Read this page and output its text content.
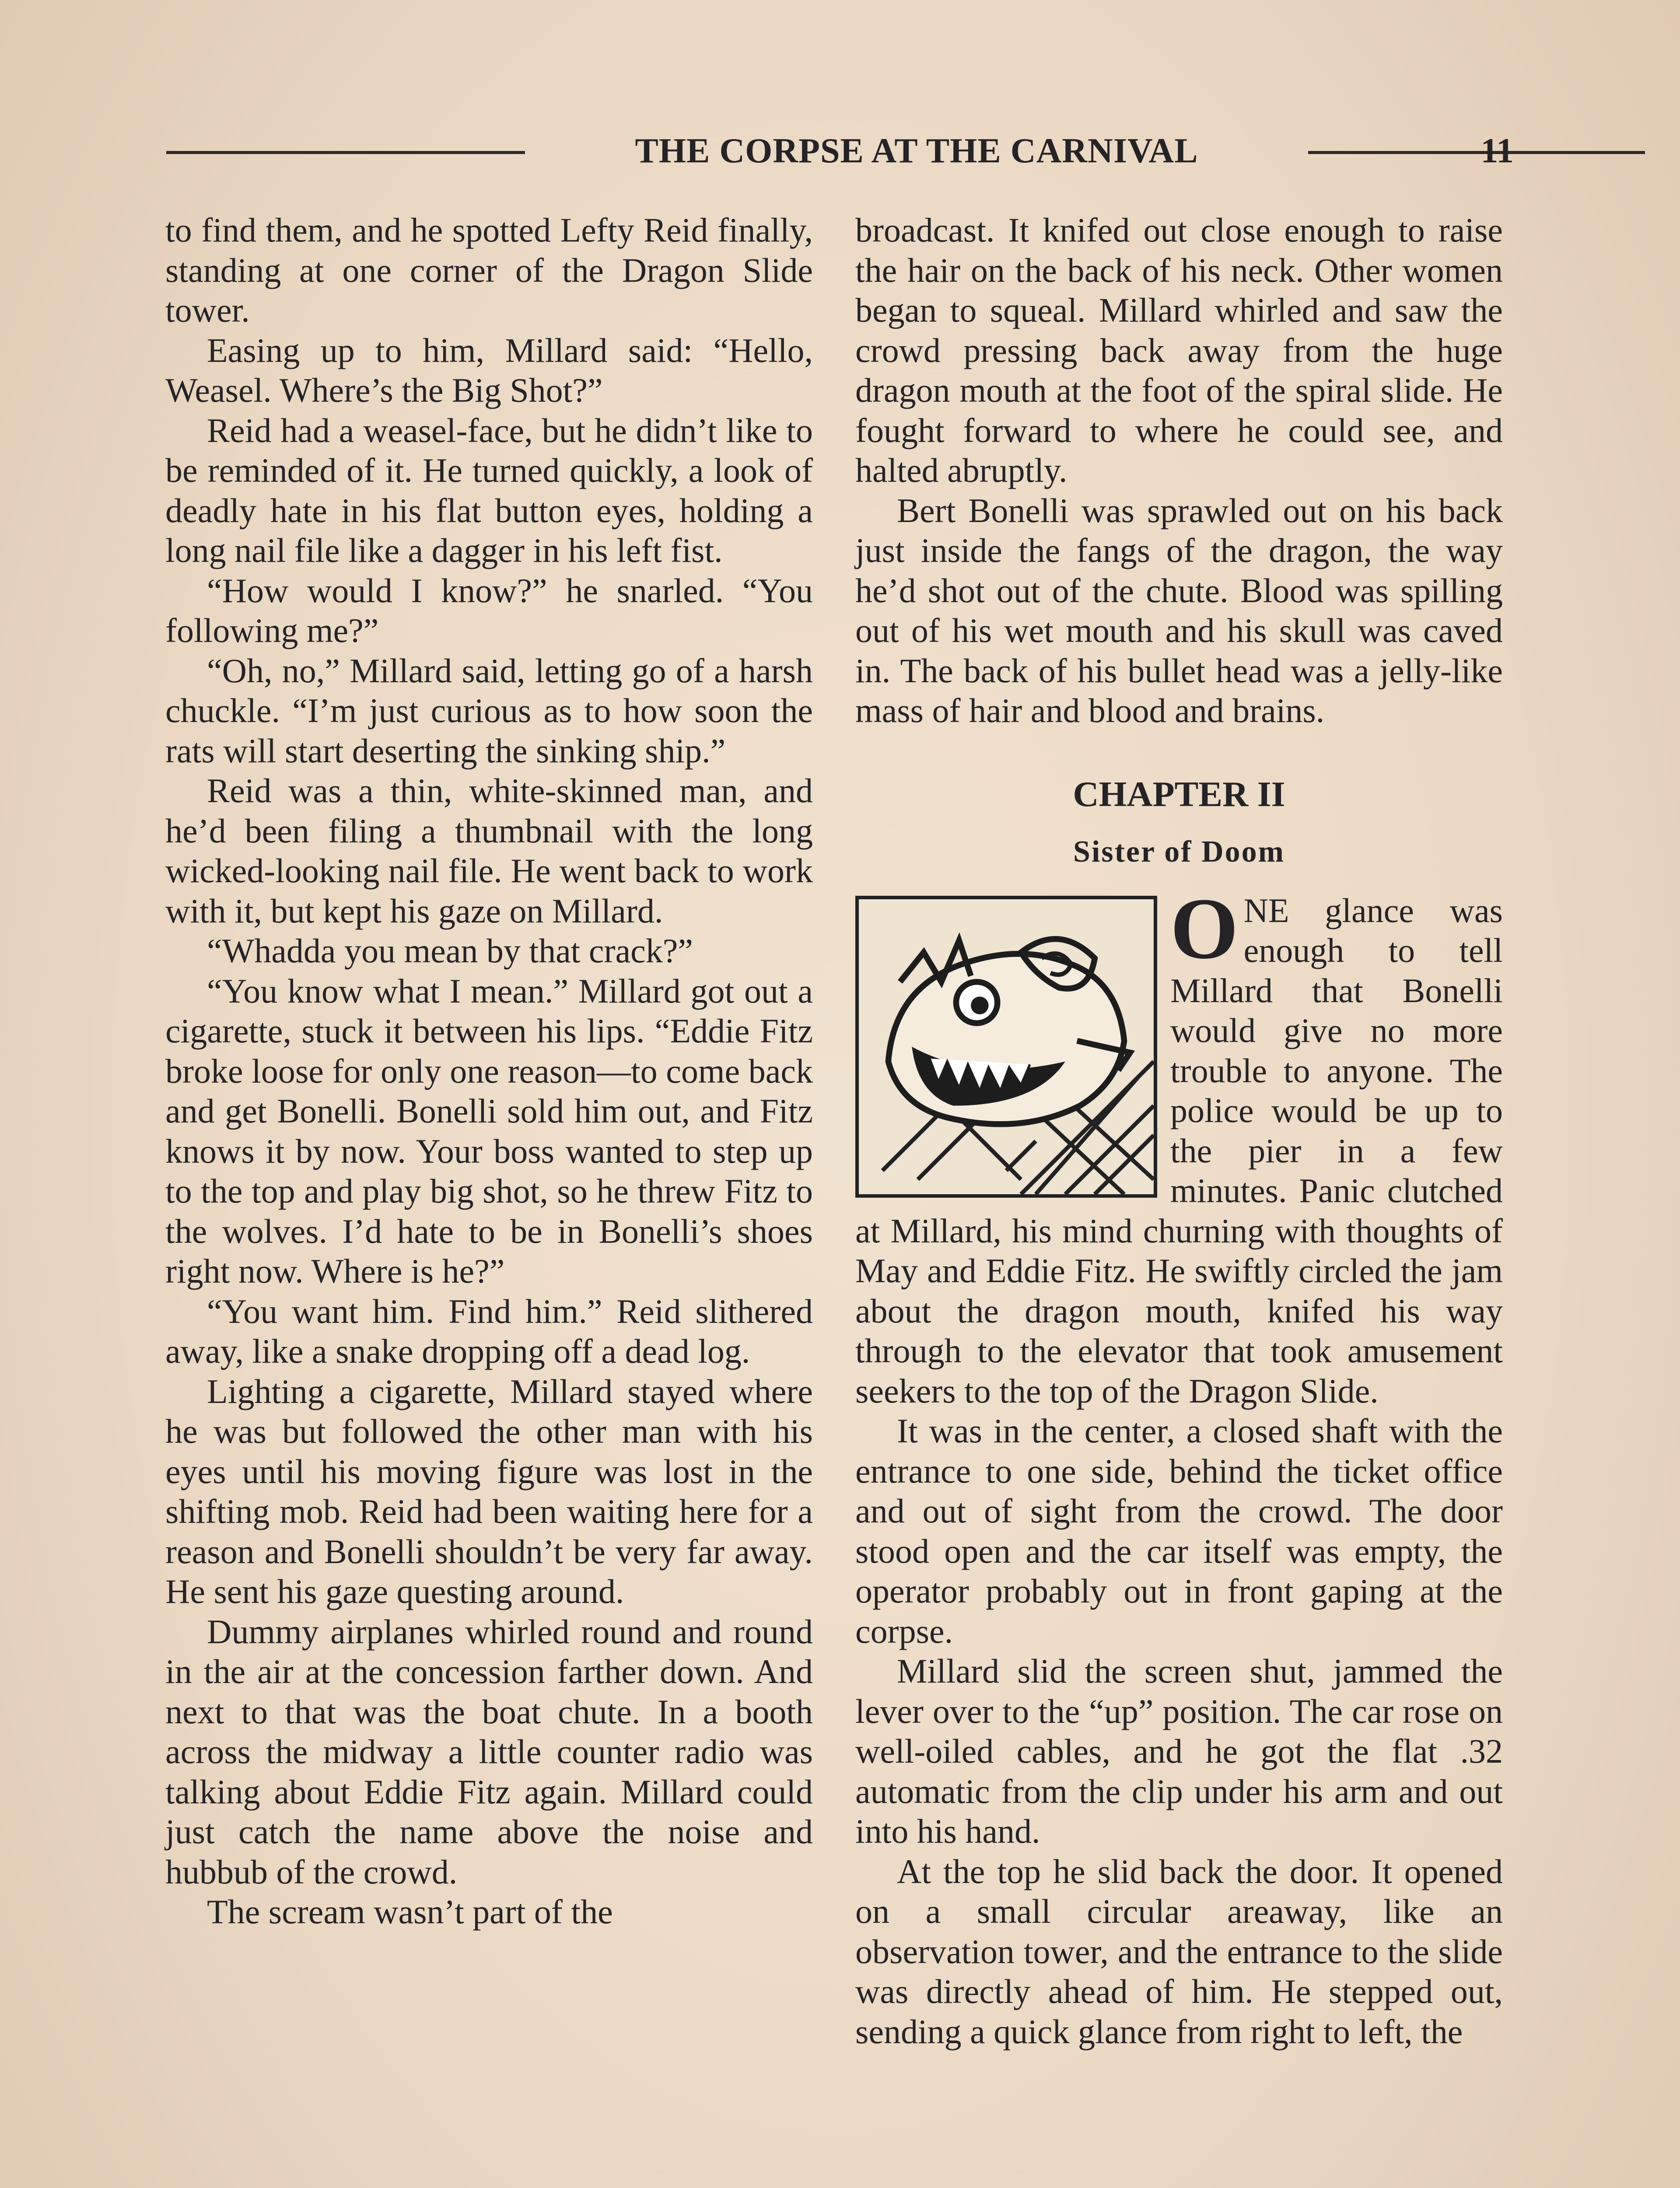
THE CORPSE AT THE CARNIVAL	11

to find them, and he spotted Lefty Reid finally, standing at one corner of the Dragon Slide tower.

Easing up to him, Millard said: “Hello, Weasel. Where’s the Big Shot?”

Reid had a weasel-face, but he didn’t like to be reminded of it. He turned quickly, a look of deadly hate in his flat button eyes, holding a long nail file like a dagger in his left fist.

“How would I know?” he snarled. “You following me?”

“Oh, no,” Millard said, letting go of a harsh chuckle. “I’m just curious as to how soon the rats will start deserting the sinking ship.”

Reid was a thin, white-skinned man, and he’d been filing a thumbnail with the long wicked-looking nail file. He went back to work with it, but kept his gaze on Millard.

“Whadda you mean by that crack?”

“You know what I mean.” Millard got out a cigarette, stuck it between his lips. “Eddie Fitz broke loose for only one reason—to come back and get Bonelli. Bonelli sold him out, and Fitz knows it by now. Your boss wanted to step up to the top and play big shot, so he threw Fitz to the wolves. I’d hate to be in Bonelli’s shoes right now. Where is he?”

“You want him. Find him.” Reid slithered away, like a snake dropping off a dead log.

Lighting a cigarette, Millard stayed where he was but followed the other man with his eyes until his moving figure was lost in the shifting mob. Reid had been waiting here for a reason and Bonelli shouldn’t be very far away. He sent his gaze questing around.

Dummy airplanes whirled round and round in the air at the concession farther down. And next to that was the boat chute. In a booth across the midway a little counter radio was talking about Eddie Fitz again. Millard could just catch the name above the noise and hubbub of the crowd.

The scream wasn’t part of the

broadcast. It knifed out close enough to raise the hair on the back of his neck. Other women began to squeal. Millard whirled and saw the crowd pressing back away from the huge dragon mouth at the foot of the spiral slide. He fought forward to where he could see, and halted abruptly.

Bert Bonelli was sprawled out on his back just inside the fangs of the dragon, the way he’d shot out of the chute. Blood was spilling out of his wet mouth and his skull was caved in. The back of his bullet head was a jelly-like mass of hair and blood and brains.

CHAPTER II
Sister of Doom
O NE glance was enough to tell Millard that Bonelli would give no more trouble to anyone. The police would be up to the pier in a few minutes. Panic clutched at Millard, his mind churning with thoughts of May and Eddie Fitz. He swiftly circled the jam about the dragon mouth, knifed his way through to the elevator that took amusement seekers to the top of the Dragon Slide.

It was in the center, a closed shaft with the entrance to one side, behind the ticket office and out of sight from the crowd. The door stood open and the car itself was empty, the operator probably out in front gaping at the corpse.

Millard slid the screen shut, jammed the lever over to the “up” position. The car rose on well-oiled cables, and he got the flat .32 automatic from the clip under his arm and out into his hand.

At the top he slid back the door. It opened on a small circular areaway, like an observation tower, and the entrance to the slide was directly ahead of him. He stepped out, sending a quick glance from right to left, the
